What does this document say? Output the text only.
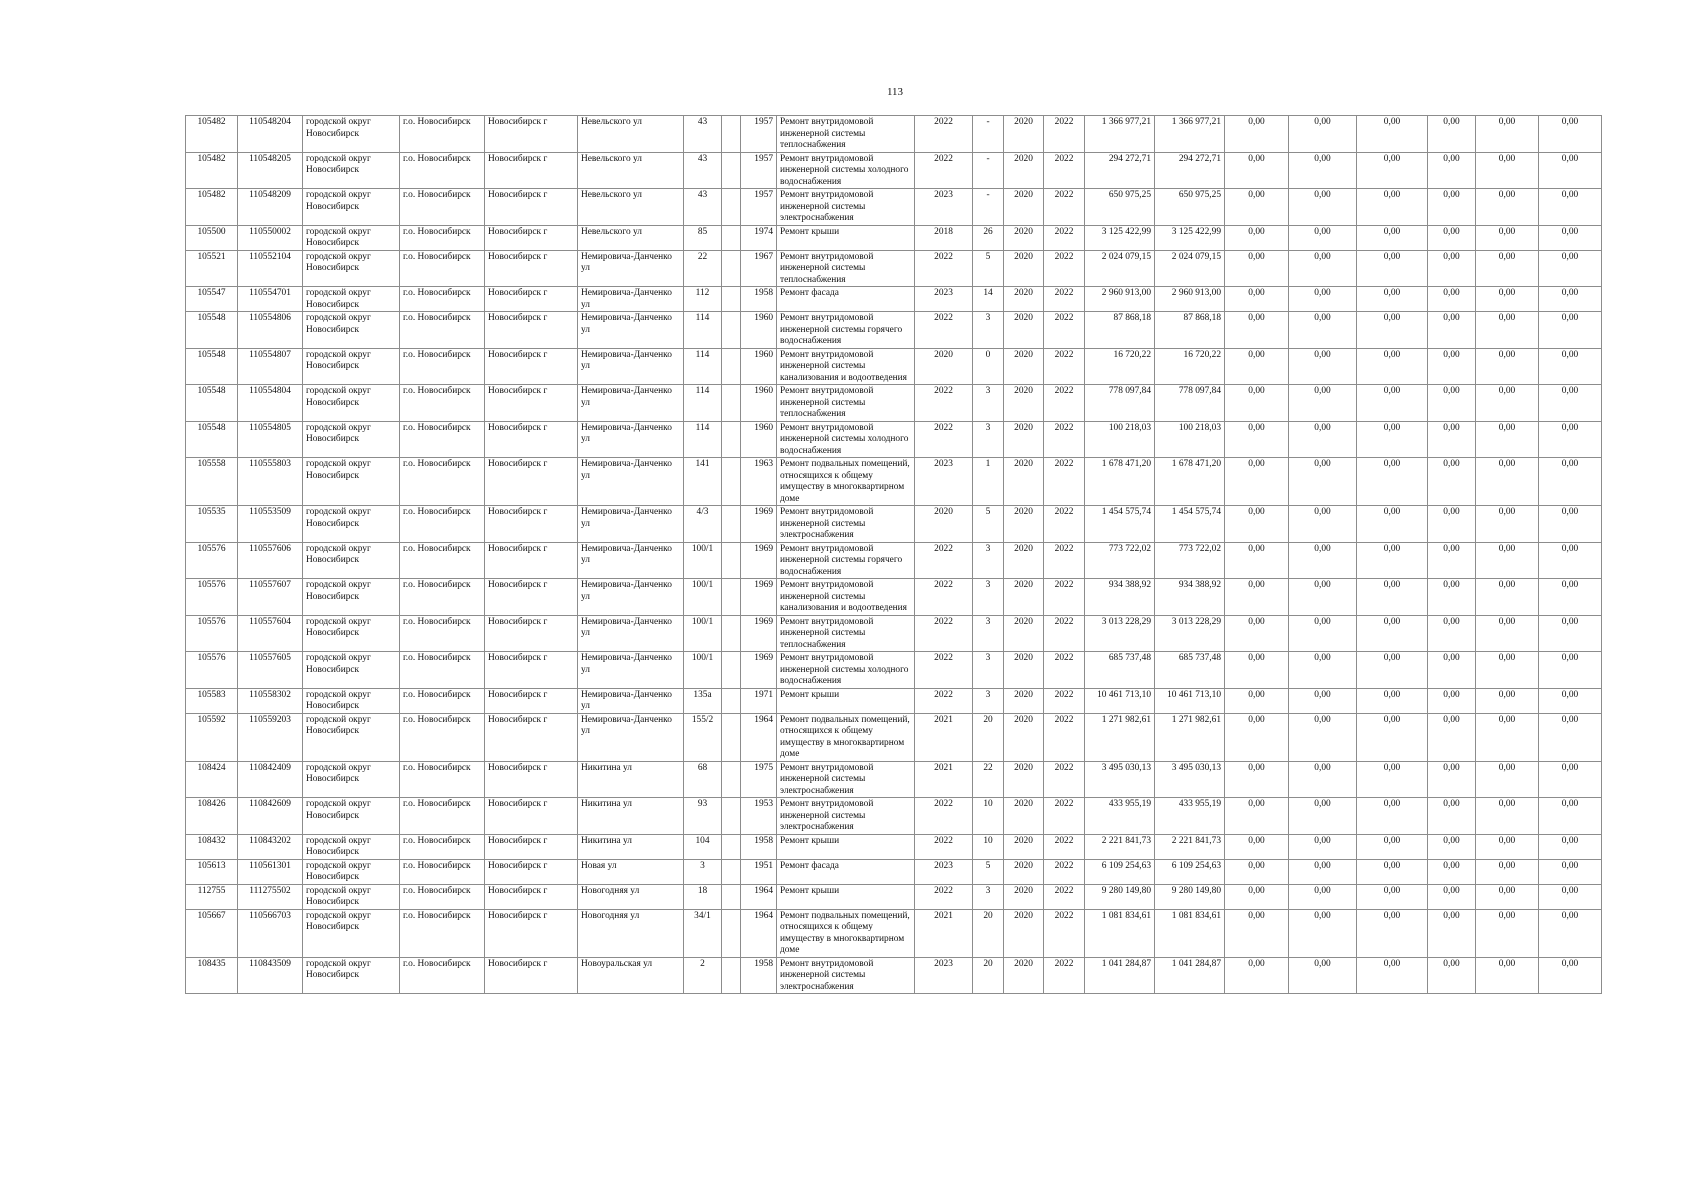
113
105482	110548204	городской округ Новосибирск	г.о. Новосибирск	Новосибирск г	Невельского ул	43		1957	Ремонт внутридомовой инженерной системы теплоснабжения	2022	-	2020	2022	1 366 977,21	1 366 977,21	0,00	0,00	0,00	0,00	0,00	0,00
105482	110548205	городской округ Новосибирск	г.о. Новосибирск	Новосибирск г	Невельского ул	43		1957	Ремонт внутридомовой инженерной системы холодного водоснабжения	2022	-	2020	2022	294 272,71	294 272,71	0,00	0,00	0,00	0,00	0,00	0,00
105482	110548209	городской округ Новосибирск	г.о. Новосибирск	Новосибирск г	Невельского ул	43		1957	Ремонт внутридомовой инженерной системы электроснабжения	2023	-	2020	2022	650 975,25	650 975,25	0,00	0,00	0,00	0,00	0,00	0,00
105500	110550002	городской округ Новосибирск	г.о. Новосибирск	Новосибирск г	Невельского ул	85		1974	Ремонт крыши	2018	26	2020	2022	3 125 422,99	3 125 422,99	0,00	0,00	0,00	0,00	0,00	0,00
105521	110552104	городской округ Новосибирск	г.о. Новосибирск	Новосибирск г	Немировича-Данченко ул	22		1967	Ремонт внутридомовой инженерной системы теплоснабжения	2022	5	2020	2022	2 024 079,15	2 024 079,15	0,00	0,00	0,00	0,00	0,00	0,00
105547	110554701	городской округ Новосибирск	г.о. Новосибирск	Новосибирск г	Немировича-Данченко ул	112		1958	Ремонт фасада	2023	14	2020	2022	2 960 913,00	2 960 913,00	0,00	0,00	0,00	0,00	0,00	0,00
105548	110554806	городской округ Новосибирск	г.о. Новосибирск	Новосибирск г	Немировича-Данченко ул	114		1960	Ремонт внутридомовой инженерной системы горячего водоснабжения	2022	3	2020	2022	87 868,18	87 868,18	0,00	0,00	0,00	0,00	0,00	0,00
105548	110554807	городской округ Новосибирск	г.о. Новосибирск	Новосибирск г	Немировича-Данченко ул	114		1960	Ремонт внутридомовой инженерной системы канализования и водоотведения	2020	0	2020	2022	16 720,22	16 720,22	0,00	0,00	0,00	0,00	0,00	0,00
105548	110554804	городской округ Новосибирск	г.о. Новосибирск	Новосибирск г	Немировича-Данченко ул	114		1960	Ремонт внутридомовой инженерной системы теплоснабжения	2022	3	2020	2022	778 097,84	778 097,84	0,00	0,00	0,00	0,00	0,00	0,00
105548	110554805	городской округ Новосибирск	г.о. Новосибирск	Новосибирск г	Немировича-Данченко ул	114		1960	Ремонт внутридомовой инженерной системы холодного водоснабжения	2022	3	2020	2022	100 218,03	100 218,03	0,00	0,00	0,00	0,00	0,00	0,00
105558	110555803	городской округ Новосибирск	г.о. Новосибирск	Новосибирск г	Немировича-Данченко ул	141		1963	Ремонт подвальных помещений, относящихся к общему имуществу в многоквартирном доме	2023	1	2020	2022	1 678 471,20	1 678 471,20	0,00	0,00	0,00	0,00	0,00	0,00
105535	110553509	городской округ Новосибирск	г.о. Новосибирск	Новосибирск г	Немировича-Данченко ул	4/3		1969	Ремонт внутридомовой инженерной системы электроснабжения	2020	5	2020	2022	1 454 575,74	1 454 575,74	0,00	0,00	0,00	0,00	0,00	0,00
105576	110557606	городской округ Новосибирск	г.о. Новосибирск	Новосибирск г	Немировича-Данченко ул	100/1		1969	Ремонт внутридомовой инженерной системы горячего водоснабжения	2022	3	2020	2022	773 722,02	773 722,02	0,00	0,00	0,00	0,00	0,00	0,00
105576	110557607	городской округ Новосибирск	г.о. Новосибирск	Новосибирск г	Немировича-Данченко ул	100/1		1969	Ремонт внутридомовой инженерной системы канализования и водоотведения	2022	3	2020	2022	934 388,92	934 388,92	0,00	0,00	0,00	0,00	0,00	0,00
105576	110557604	городской округ Новосибирск	г.о. Новосибирск	Новосибирск г	Немировича-Данченко ул	100/1		1969	Ремонт внутридомовой инженерной системы теплоснабжения	2022	3	2020	2022	3 013 228,29	3 013 228,29	0,00	0,00	0,00	0,00	0,00	0,00
105576	110557605	городской округ Новосибирск	г.о. Новосибирск	Новосибирск г	Немировича-Данченко ул	100/1		1969	Ремонт внутридомовой инженерной системы холодного водоснабжения	2022	3	2020	2022	685 737,48	685 737,48	0,00	0,00	0,00	0,00	0,00	0,00
105583	110558302	городской округ Новосибирск	г.о. Новосибирск	Новосибирск г	Немировича-Данченко ул	135а		1971	Ремонт крыши	2022	3	2020	2022	10 461 713,10	10 461 713,10	0,00	0,00	0,00	0,00	0,00	0,00
105592	110559203	городской округ Новосибирск	г.о. Новосибирск	Новосибирск г	Немировича-Данченко ул	155/2		1964	Ремонт подвальных помещений, относящихся к общему имуществу в многоквартирном доме	2021	20	2020	2022	1 271 982,61	1 271 982,61	0,00	0,00	0,00	0,00	0,00	0,00
108424	110842409	городской округ Новосибирск	г.о. Новосибирск	Новосибирск г	Никитина ул	68		1975	Ремонт внутридомовой инженерной системы электроснабжения	2021	22	2020	2022	3 495 030,13	3 495 030,13	0,00	0,00	0,00	0,00	0,00	0,00
108426	110842609	городской округ Новосибирск	г.о. Новосибирск	Новосибирск г	Никитина ул	93		1953	Ремонт внутридомовой инженерной системы электроснабжения	2022	10	2020	2022	433 955,19	433 955,19	0,00	0,00	0,00	0,00	0,00	0,00
108432	110843202	городской округ Новосибирск	г.о. Новосибирск	Новосибирск г	Никитина ул	104		1958	Ремонт крыши	2022	10	2020	2022	2 221 841,73	2 221 841,73	0,00	0,00	0,00	0,00	0,00	0,00
105613	110561301	городской округ Новосибирск	г.о. Новосибирск	Новосибирск г	Новая ул	3		1951	Ремонт фасада	2023	5	2020	2022	6 109 254,63	6 109 254,63	0,00	0,00	0,00	0,00	0,00	0,00
112755	111275502	городской округ Новосибирск	г.о. Новосибирск	Новосибирск г	Новогодняя ул	18		1964	Ремонт крыши	2022	3	2020	2022	9 280 149,80	9 280 149,80	0,00	0,00	0,00	0,00	0,00	0,00
105667	110566703	городской округ Новосибирск	г.о. Новосибирск	Новосибирск г	Новогодняя ул	34/1		1964	Ремонт подвальных помещений, относящихся к общему имуществу в многоквартирном доме	2021	20	2020	2022	1 081 834,61	1 081 834,61	0,00	0,00	0,00	0,00	0,00	0,00
108435	110843509	городской округ Новосибирск	г.о. Новосибирск	Новосибирск г	Новоуральская ул	2		1958	Ремонт внутридомовой инженерной системы электроснабжения	2023	20	2020	2022	1 041 284,87	1 041 284,87	0,00	0,00	0,00	0,00	0,00	0,00
